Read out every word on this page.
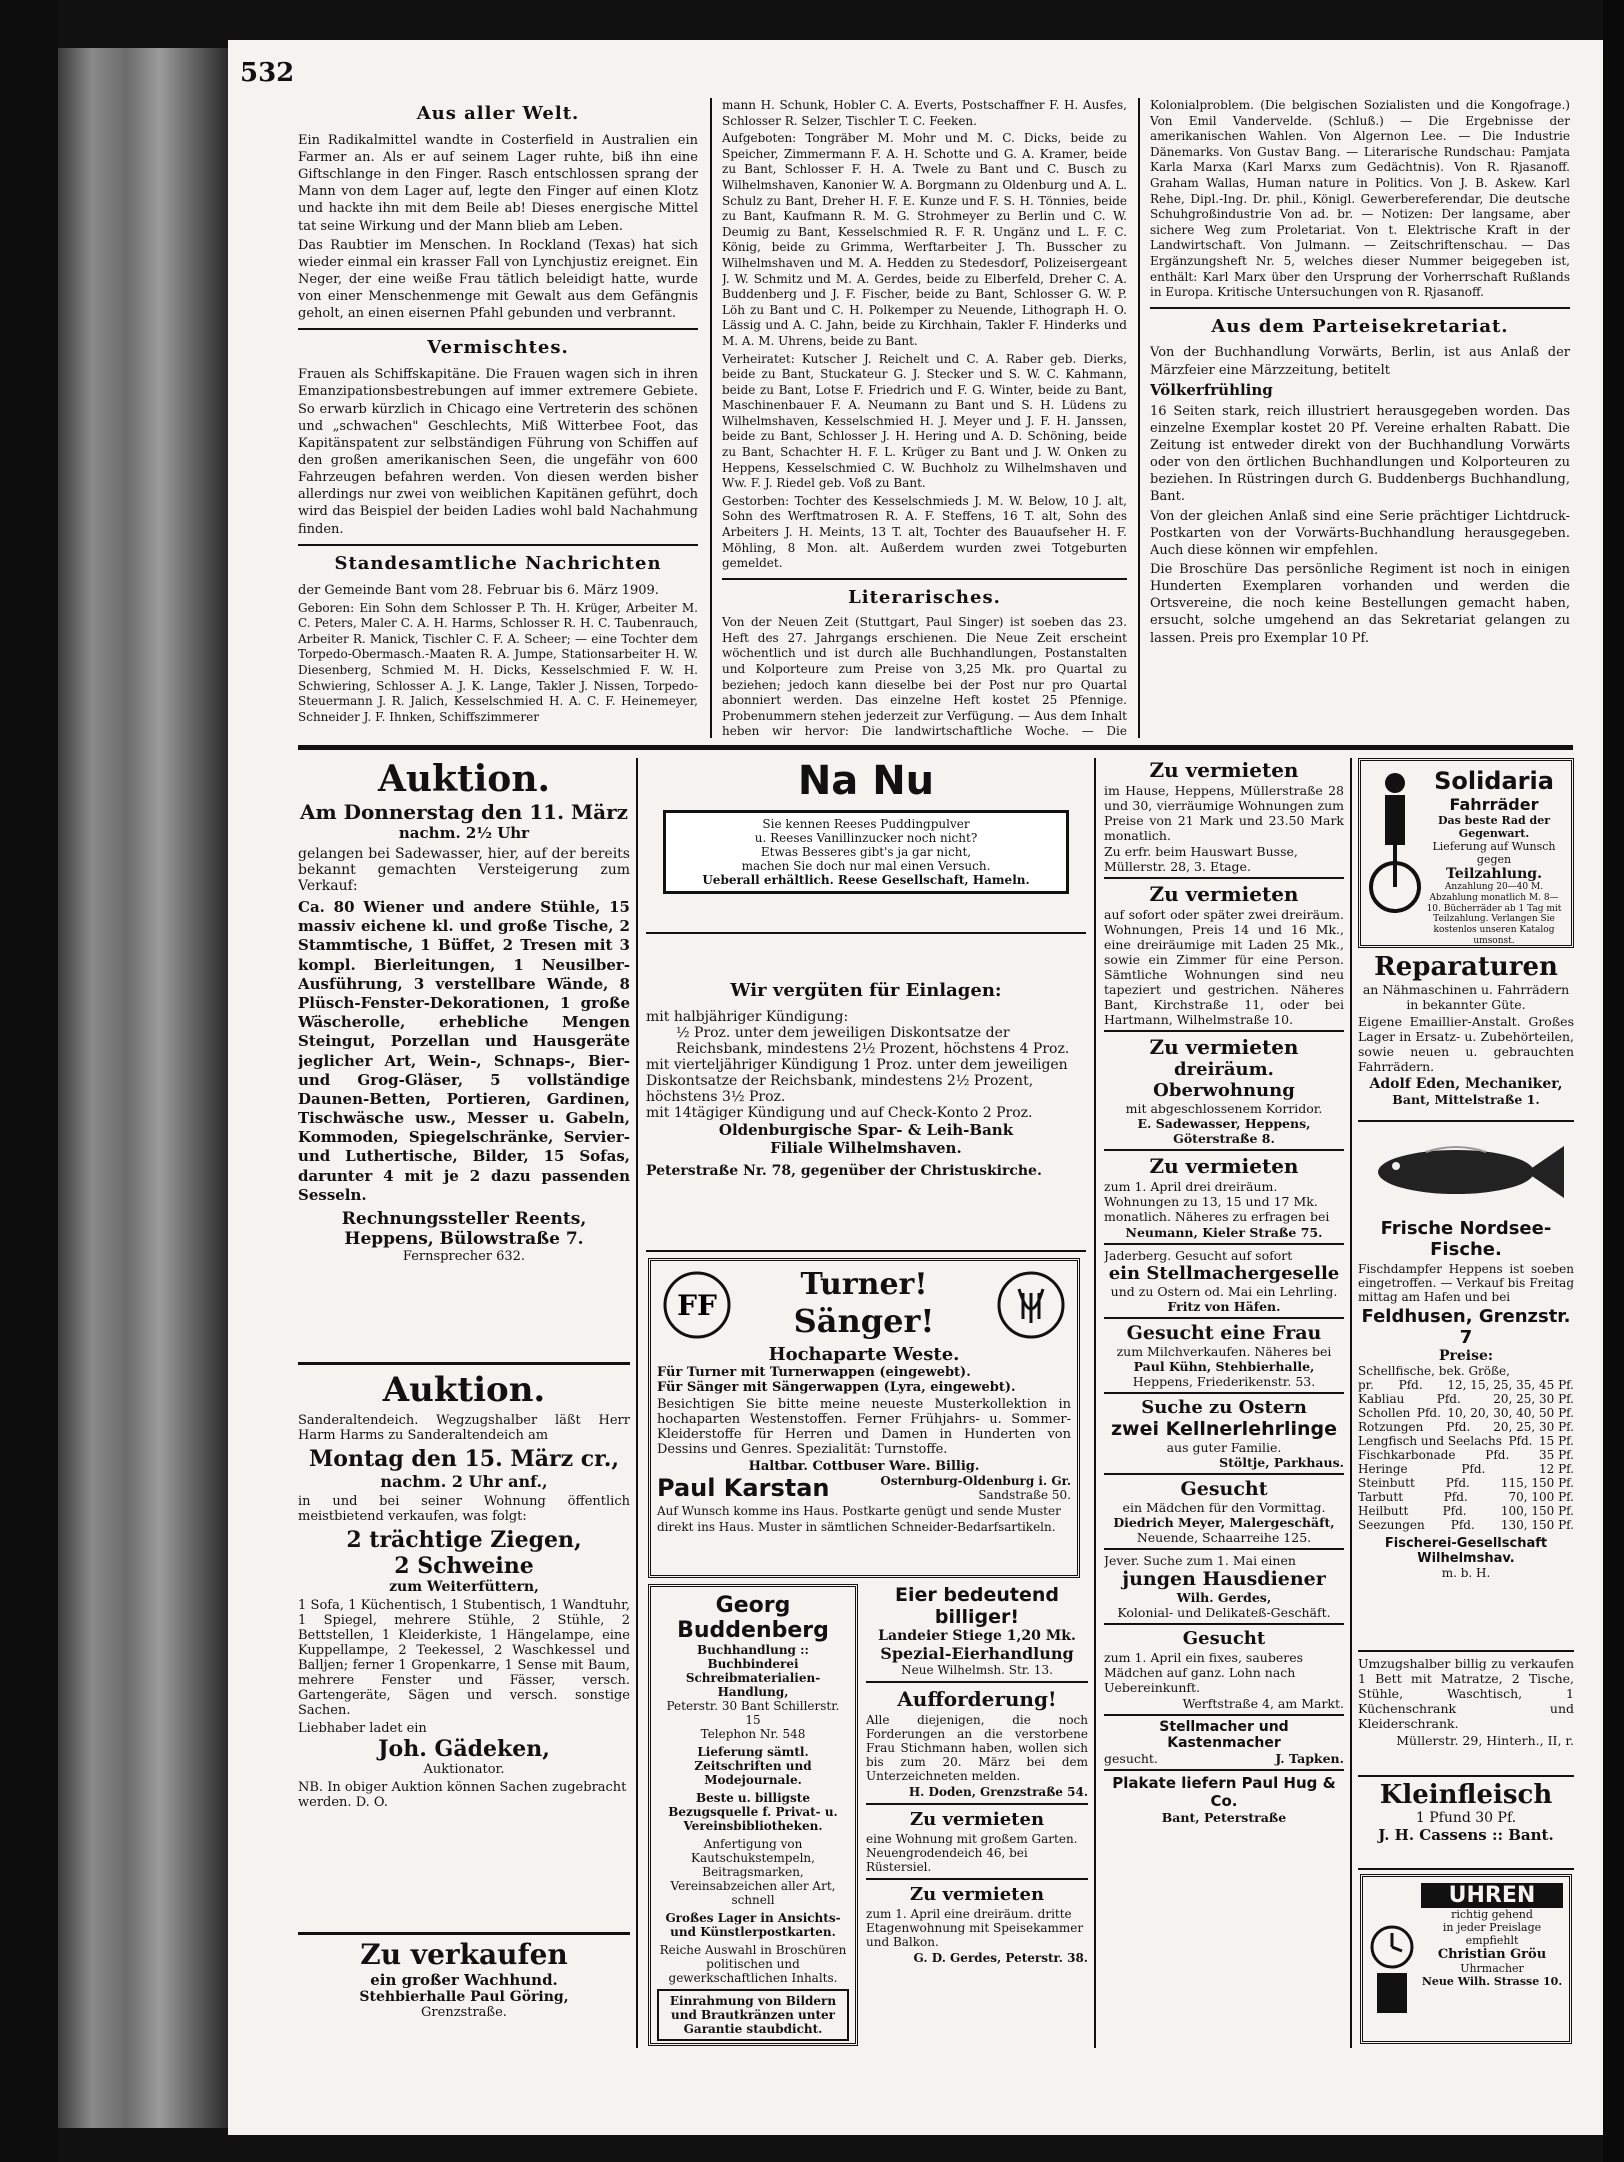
532
Aus aller Welt.

Ein Radikalmittel wandte in Costerfield in Australien ein Farmer an. Als er auf seinem Lager ruhte, biß ihn eine Giftschlange in den Finger. Rasch entschlossen sprang der Mann von dem Lager auf, legte den Finger auf einen Klotz und hackte ihn mit dem Beile ab! Dieses energische Mittel tat seine Wirkung und der Mann blieb am Leben.

Das Raubtier im Menschen. In Rockland (Texas) hat sich wieder einmal ein krasser Fall von Lynchjustiz ereignet. Ein Neger, der eine weiße Frau tätlich beleidigt hatte, wurde von einer Menschenmenge mit Gewalt aus dem Gefängnis geholt, an einen eisernen Pfahl gebunden und verbrannt.

Vermischtes.

Frauen als Schiffskapitäne. Die Frauen wagen sich in ihren Emanzipationsbestrebungen auf immer extremere Gebiete. So erwarb kürzlich in Chicago eine Vertreterin des schönen und „schwachen" Geschlechts, Miß Witterbee Foot, das Kapitänspatent zur selbständigen Führung von Schiffen auf den großen amerikanischen Seen, die ungefähr von 600 Fahrzeugen befahren werden. Von diesen werden bisher allerdings nur zwei von weiblichen Kapitänen geführt, doch wird das Beispiel der beiden Ladies wohl bald Nachahmung finden.

Standesamtliche Nachrichten

der Gemeinde Bant vom 28. Februar bis 6. März 1909.

Geboren: Ein Sohn dem Schlosser P. Th. H. Krüger, Arbeiter M. C. Peters, Maler C. A. H. Harms, Schlosser R. H. C. Taubenrauch, Arbeiter R. Manick, Tischler C. F. A. Scheer; — eine Tochter dem Torpedo-Obermasch.-Maaten R. A. Jumpe, Stationsarbeiter H. W. Diesenberg, Schmied M. H. Dicks, Kesselschmied F. W. H. Schwiering, Schlosser A. J. K. Lange, Takler J. Nissen, Torpedo-Steuermann J. R. Jalich, Kesselschmied H. A. C. F. Heinemeyer, Schneider J. F. Ihnken, Schiffszimmerer

mann H. Schunk, Hobler C. A. Everts, Postschaffner F. H. Ausfes, Schlosser R. Selzer, Tischler T. C. Feeken.

Aufgeboten: Tongräber M. Mohr und M. C. Dicks, beide zu Speicher, Zimmermann F. A. H. Schotte und G. A. Kramer, beide zu Bant, Schlosser F. H. A. Twele zu Bant und C. Busch zu Wilhelmshaven, Kanonier W. A. Borgmann zu Oldenburg und A. L. Schulz zu Bant, Dreher H. F. E. Kunze und F. S. H. Tönnies, beide zu Bant, Kaufmann R. M. G. Strohmeyer zu Berlin und C. W. Deumig zu Bant, Kesselschmied R. F. R. Ungänz und L. F. C. König, beide zu Grimma, Werftarbeiter J. Th. Busscher zu Wilhelmshaven und M. A. Hedden zu Stedesdorf, Polizeisergeant J. W. Schmitz und M. A. Gerdes, beide zu Elberfeld, Dreher C. A. Buddenberg und J. F. Fischer, beide zu Bant, Schlosser G. W. P. Löh zu Bant und C. H. Polkemper zu Neuende, Lithograph H. O. Lässig und A. C. Jahn, beide zu Kirchhain, Takler F. Hinderks und M. A. M. Uhrens, beide zu Bant.

Verheiratet: Kutscher J. Reichelt und C. A. Raber geb. Dierks, beide zu Bant, Stuckateur G. J. Stecker und S. W. C. Kahmann, beide zu Bant, Lotse F. Friedrich und F. G. Winter, beide zu Bant, Maschinenbauer F. A. Neumann zu Bant und S. H. Lüdens zu Wilhelmshaven, Kesselschmied H. J. Meyer und J. F. H. Janssen, beide zu Bant, Schlosser J. H. Hering und A. D. Schöning, beide zu Bant, Schachter H. F. L. Krüger zu Bant und J. W. Onken zu Heppens, Kesselschmied C. W. Buchholz zu Wilhelmshaven und Ww. F. J. Riedel geb. Voß zu Bant.

Gestorben: Tochter des Kesselschmieds J. M. W. Below, 10 J. alt, Sohn des Werftmatrosen R. A. F. Steffens, 16 T. alt, Sohn des Arbeiters J. H. Meints, 13 T. alt, Tochter des Bauaufseher H. F. Möhling, 8 Mon. alt. Außerdem wurden zwei Totgeburten gemeldet.

Literarisches.

Von der Neuen Zeit (Stuttgart, Paul Singer) ist soeben das 23. Heft des 27. Jahrgangs erschienen. Die Neue Zeit erscheint wöchentlich und ist durch alle Buchhandlungen, Postanstalten und Kolporteure zum Preise von 3,25 Mk. pro Quartal zu beziehen; jedoch kann dieselbe bei der Post nur pro Quartal abonniert werden. Das einzelne Heft kostet 25 Pfennige. Probenummern stehen jederzeit zur Verfügung. — Aus dem Inhalt heben wir hervor: Die landwirtschaftliche Woche. — Die

Kolonialproblem. (Die belgischen Sozialisten und die Kongofrage.) Von Emil Vandervelde. (Schluß.) — Die Ergebnisse der amerikanischen Wahlen. Von Algernon Lee. — Die Industrie Dänemarks. Von Gustav Bang. — Literarische Rundschau: Pamjata Karla Marxa (Karl Marxs zum Gedächtnis). Von R. Rjasanoff. Graham Wallas, Human nature in Politics. Von J. B. Askew. Karl Rehe, Dipl.-Ing. Dr. phil., Königl. Gewerbereferendar, Die deutsche Schuhgroßindustrie Von ad. br. — Notizen: Der langsame, aber sichere Weg zum Proletariat. Von t. Elektrische Kraft in der Landwirtschaft. Von Julmann. — Zeitschriftenschau. — Das Ergänzungsheft Nr. 5, welches dieser Nummer beigegeben ist, enthält: Karl Marx über den Ursprung der Vorherrschaft Rußlands in Europa. Kritische Untersuchungen von R. Rjasanoff.

Aus dem Parteisekretariat.

Von der Buchhandlung Vorwärts, Berlin, ist aus Anlaß der Märzfeier eine Märzzeitung, betitelt

Völkerfrühling

16 Seiten stark, reich illustriert herausgegeben worden. Das einzelne Exemplar kostet 20 Pf. Vereine erhalten Rabatt. Die Zeitung ist entweder direkt von der Buchhandlung Vorwärts oder von den örtlichen Buchhandlungen und Kolporteuren zu beziehen. In Rüstringen durch G. Buddenbergs Buchhandlung, Bant.

Von der gleichen Anlaß sind eine Serie prächtiger Lichtdruck-Postkarten von der Vorwärts-Buchhandlung herausgegeben. Auch diese können wir empfehlen.

Die Broschüre Das persönliche Regiment ist noch in einigen Hunderten Exemplaren vorhanden und werden die Ortsvereine, die noch keine Bestellungen gemacht haben, ersucht, solche umgehend an das Sekretariat gelangen zu lassen. Preis pro Exemplar 10 Pf.

Auktion.
Am Donnerstag den 11. März
nachm. 2½ Uhr

gelangen bei Sadewasser, hier, auf der bereits bekannt gemachten Versteigerung zum Verkauf:

Ca. 80 Wiener und andere Stühle, 15 massiv eichene kl. und große Tische, 2 Stammtische, 1 Büffet, 2 Tresen mit 3 kompl. Bierleitungen, 1 Neusilber-Ausführung, 3 verstellbare Wände, 8 Plüsch-Fenster-Dekorationen, 1 große Wäscherolle, erhebliche Mengen Steingut, Porzellan und Hausgeräte jeglicher Art, Wein-, Schnaps-, Bier- und Grog-Gläser, 5 vollständige Daunen-Betten, Portieren, Gardinen, Tischwäsche usw., Messer u. Gabeln, Kommoden, Spiegelschränke, Servier- und Luthertische, Bilder, 15 Sofas, darunter 4 mit je 2 dazu passenden Sesseln.

Rechnungssteller Reents,
Heppens, Bülowstraße 7.
Fernsprecher 632.
Auktion.

Sanderaltendeich. Wegzugshalber läßt Herr Harm Harms zu Sanderaltendeich am

Montag den 15. März cr.,
nachm. 2 Uhr anf.,

in und bei seiner Wohnung öffentlich meistbietend verkaufen, was folgt:

2 trächtige Ziegen,
2 Schweine
zum Weiterfüttern,

1 Sofa, 1 Küchentisch, 1 Stubentisch, 1 Wandtuhr, 1 Spiegel, mehrere Stühle, 2 Stühle, 2 Bettstellen, 1 Kleiderkiste, 1 Hängelampe, eine Kuppellampe, 2 Teekessel, 2 Waschkessel und Balljen; ferner 1 Gropenkarre, 1 Sense mit Baum, mehrere Fenster und Fässer, versch. Gartengeräte, Sägen und versch. sonstige Sachen.

Liebhaber ladet ein
Joh. Gädeken,
Auktionator.

NB. In obiger Auktion können Sachen zugebracht werden. D. O.

Zu verkaufen
ein großer Wachhund.
Stehbierhalle Paul Göring,
Grenzstraße.
Na Nu
Sie kennen Reeses Puddingpulver
u. Reeses Vanillinzucker noch nicht?
Etwas Besseres gibt's ja gar nicht,
machen Sie doch nur mal einen Versuch.
Ueberall erhältlich. Reese Gesellschaft, Hameln.
Wir vergüten für Einlagen:
mit halbjähriger Kündigung:
½ Proz. unter dem jeweiligen Diskontsatze der Reichsbank, mindestens 2½ Prozent, höchstens 4 Proz.
mit vierteljähriger Kündigung 1 Proz. unter dem jeweiligen Diskontsatze der Reichsbank, mindestens 2½ Prozent, höchstens 3½ Proz.
mit 14tägiger Kündigung und auf Check-Konto 2 Proz.
Oldenburgische Spar- & Leih-Bank
Filiale Wilhelmshaven.
Peterstraße Nr. 78, gegenüber der Christuskirche.
FF
Turner!
Sänger!
Hochaparte Weste.
Für Turner mit Turnerwappen (eingewebt).
Für Sänger mit Sängerwappen (Lyra, eingewebt).

Besichtigen Sie bitte meine neueste Musterkollektion in hochaparten Westenstoffen. Ferner Frühjahrs- u. Sommer-Kleiderstoffe für Herren und Damen in Hunderten von Dessins und Genres. Spezialität: Turnstoffe.

Haltbar. Cottbuser Ware. Billig.
Paul Karstan	Osternburg-Oldenburg i. Gr.
Sandstraße 50.

Auf Wunsch komme ins Haus. Postkarte genügt und sende Muster direkt ins Haus. Muster in sämtlichen Schneider-Bedarfsartikeln.

Georg Buddenberg
Buchhandlung :: Buchbinderei
Schreibmaterialien-Handlung,
Peterstr. 30 Bant Schillerstr. 15
Telephon Nr. 548

Lieferung sämtl. Zeitschriften und Modejournale.

Beste u. billigste Bezugsquelle f. Privat- u. Vereinsbibliotheken.

Anfertigung von Kautschukstempeln, Beitragsmarken, Vereinsabzeichen aller Art, schnell

Großes Lager in Ansichts- und Künstlerpostkarten.

Reiche Auswahl in Broschüren politischen und gewerkschaftlichen Inhalts.

Einrahmung von Bildern und Brautkränzen unter Garantie staubdicht.

Eier bedeutend billiger!
Landeier Stiege 1,20 Mk.
Spezial-Eierhandlung
Neue Wilhelmsh. Str. 13.
Aufforderung!

Alle diejenigen, die noch Forderungen an die verstorbene Frau Stichmann haben, wollen sich bis zum 20. März bei dem Unterzeichneten melden.

H. Doden, Grenzstraße 54.
Zu vermieten

eine Wohnung mit großem Garten. Neuengrodendeich 46, bei Rüstersiel.

Zu vermieten

zum 1. April eine dreiräum. dritte Etagenwohnung mit Speisekammer und Balkon.

G. D. Gerdes, Peterstr. 38.
Zu vermieten

im Hause, Heppens, Müllerstraße 28 und 30, vierräumige Wohnungen zum Preise von 21 Mark und 23.50 Mark monatlich.

Zu erfr. beim Hauswart Busse, Müllerstr. 28, 3. Etage.

Zu vermieten

auf sofort oder später zwei dreiräum. Wohnungen, Preis 14 und 16 Mk., eine dreiräumige mit Laden 25 Mk., sowie ein Zimmer für eine Person. Sämtliche Wohnungen sind neu tapeziert und gestrichen. Näheres Bant, Kirchstraße 11, oder bei Hartmann, Wilhelmstraße 10.

Zu vermieten
dreiräum. Oberwohnung
mit abgeschlossenem Korridor.
E. Sadewasser, Heppens, Göterstraße 8.
Zu vermieten

zum 1. April drei dreiräum. Wohnungen zu 13, 15 und 17 Mk. monatlich. Näheres zu erfragen bei

Neumann, Kieler Straße 75.
Jaderberg. Gesucht auf sofort
ein Stellmachergeselle
und zu Ostern od. Mai ein Lehrling.
Fritz von Häfen.
Gesucht eine Frau
zum Milchverkaufen. Näheres bei
Paul Kühn, Stehbierhalle,
Heppens, Friederikenstr. 53.
Suche zu Ostern
zwei Kellnerlehrlinge
aus guter Familie.
Stöltje, Parkhaus.
Gesucht
ein Mädchen für den Vormittag.
Diedrich Meyer, Malergeschäft,
Neuende, Schaarreihe 125.
Jever. Suche zum 1. Mai einen
jungen Hausdiener
Wilh. Gerdes,
Kolonial- und Delikateß-Geschäft.
Gesucht

zum 1. April ein fixes, sauberes Mädchen auf ganz. Lohn nach Uebereinkunft.

Werftstraße 4, am Markt.
Stellmacher und Kastenmacher
gesucht.	J. Tapken.
Plakate liefern Paul Hug & Co.
Bant, Peterstraße
Solidaria
Fahrräder
Das beste Rad der Gegenwart.
Lieferung auf Wunsch gegen
Teilzahlung.
Anzahlung 20—40 M. Abzahlung monatlich M. 8—10. Bücherräder ab 1 Tag mit Teilzahlung. Verlangen Sie kostenlos unseren Katalog umsonst.
Reparaturen
an Nähmaschinen u. Fahrrädern in bekannter Güte.

Eigene Emaillier-Anstalt. Großes Lager in Ersatz- u. Zubehörteilen, sowie neuen u. gebrauchten Fahrrädern.

Adolf Eden, Mechaniker,
Bant, Mittelstraße 1.
Frische Nordsee-Fische.

Fischdampfer Heppens ist soeben eingetroffen. — Verkauf bis Freitag mittag am Hafen und bei

Feldhusen, Grenzstr. 7
Preise:
Schellfische, bek. Größe,
pr. Pfd. 12, 15, 25, 35, 45 Pf.
Kabliau	Pfd.	20, 25, 30 Pf.
Schollen Pfd. 10, 20, 30, 40, 50 Pf.
Rotzungen Pfd. 20, 25, 30 Pf.
Lengfisch und Seelachs Pfd. 15 Pf.
Fischkarbonade Pfd. 35 Pf.
Heringe	Pfd.	12 Pf.
Steinbutt	Pfd.	115, 150 Pf.
Tarbutt	Pfd.	70, 100 Pf.
Heilbutt	Pfd.	100, 150 Pf.
Seezungen Pfd. 130, 150 Pf.
Fischerei-Gesellschaft Wilhelmshav.
m. b. H.

Umzugshalber billig zu verkaufen 1 Bett mit Matratze, 2 Tische, Stühle, Waschtisch, 1 Küchenschrank und Kleiderschrank.

Müllerstr. 29, Hinterh., II, r.
Kleinfleisch
1 Pfund 30 Pf.
J. H. Cassens :: Bant.
UHREN
richtig gehend
in jeder Preislage
empfiehlt
Christian Gröu
Uhrmacher
Neue Wilh. Strasse 10.
